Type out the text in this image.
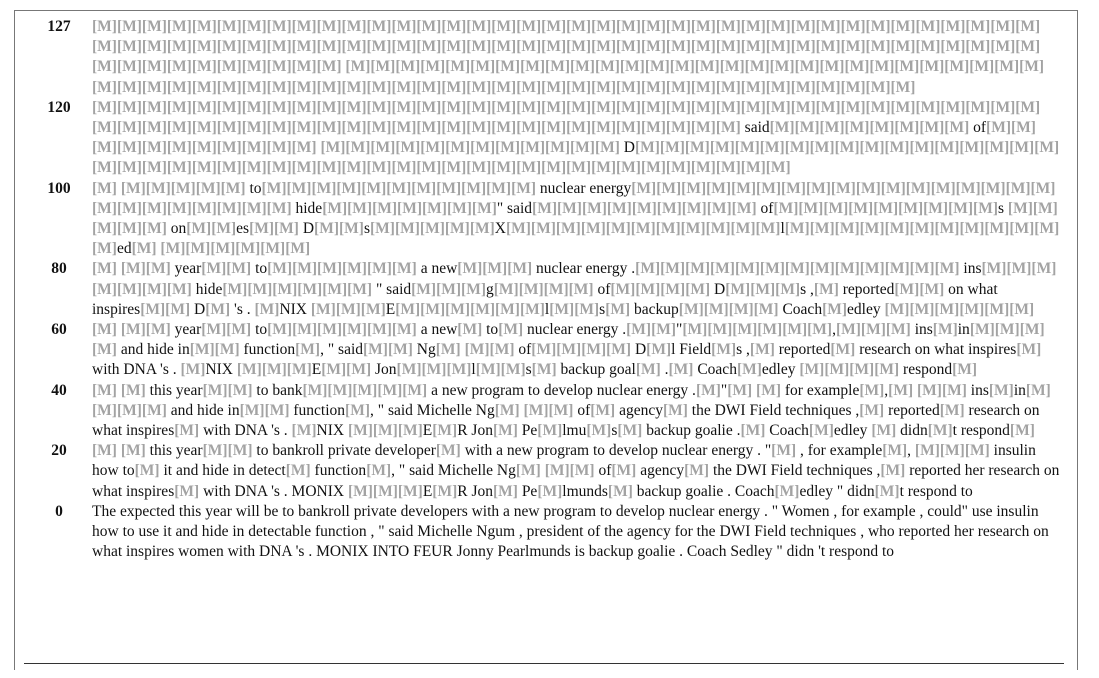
127	[M][M][M][M][M][M][M][M][M][M][M][M][M][M][M][M][M][M][M][M][M][M][M][M][M][M][M][M][M][M][M][M][M][M][M][M][M][M][M][M][M][M][M][M][M][M][M][M][M][M][M][M][M][M][M][M][M][M][M][M][M][M][M][M][M][M][M][M][M][M][M][M][M][M][M][M][M][M][M][M][M][M][M][M][M][M] [M][M][M][M][M][M][M][M][M][M][M][M][M][M][M][M][M][M][M][M][M][M][M][M][M][M][M][M][M][M][M][M][M][M][M][M][M][M][M][M][M][M][M][M][M][M][M][M][M][M][M][M][M][M][M][M][M][M][M][M][M]
120	[M][M][M][M][M][M][M][M][M][M][M][M][M][M][M][M][M][M][M][M][M][M][M][M][M][M][M][M][M][M][M][M][M][M][M][M][M][M][M][M][M][M][M][M][M][M][M][M][M][M][M][M][M][M][M][M][M][M][M][M][M][M][M][M] said[M][M][M][M][M][M][M][M] of[M][M][M][M][M][M][M][M][M][M][M] [M][M][M][M][M][M][M][M][M][M][M][M] D[M][M][M][M][M][M][M][M][M][M][M][M][M][M][M][M][M][M][M][M][M][M][M][M][M][M][M][M][M][M][M][M][M][M][M][M][M][M][M][M][M][M][M][M][M]
100	[M] [M][M][M][M][M] to[M][M][M][M][M][M][M][M][M][M][M] nuclear energy[M][M][M][M][M][M][M][M][M][M][M][M][M][M][M][M][M][M][M][M][M][M][M][M][M] hide[M][M][M][M][M][M][M]" said[M][M][M][M][M][M][M][M][M] of[M][M][M][M][M][M][M][M][M]s [M][M][M][M][M] on[M][M]es[M][M] D[M][M]s[M][M][M][M][M]X[M][M][M][M][M][M][M][M][M][M][M]l[M][M][M][M][M][M][M][M][M][M][M][M]ed[M] [M][M][M][M][M][M]
80	[M] [M][M] year[M][M] to[M][M][M][M][M][M] a new[M][M][M] nuclear energy .[M][M][M][M][M][M][M][M][M][M][M][M][M] ins[M][M][M][M][M][M][M] hide[M][M][M][M][M][M] " said[M][M][M]g[M][M][M][M] of[M][M][M][M] D[M][M][M]s ,[M] reported[M][M] on what inspires[M][M] D[M] 's . [M]NIX [M][M][M]E[M][M][M][M][M][M]l[M][M]s[M] backup[M][M][M][M] Coach[M]edley [M][M][M][M][M][M]
60	[M] [M][M] year[M][M] to[M][M][M][M][M][M] a new[M] to[M] nuclear energy .[M][M]"[M][M][M][M][M][M],[M][M][M] ins[M]in[M][M][M][M] and hide in[M][M] function[M], " said[M][M] Ng[M] [M][M] of[M][M][M][M] D[M]l Field[M]s ,[M] reported[M] research on what inspires[M] with DNA 's . [M]NIX [M][M][M]E[M][M] Jon[M][M][M]l[M][M]s[M] backup goal[M] .[M] Coach[M]edley [M][M][M][M] respond[M]
40	[M] [M] this year[M][M] to bank[M][M][M][M][M] a new program to develop nuclear energy .[M]"[M] [M] for example[M],[M] [M][M] ins[M]in[M][M][M][M] and hide in[M][M] function[M], " said Michelle Ng[M] [M][M] of[M] agency[M] the DWI Field techniques ,[M] reported[M] research on what inspires[M] with DNA 's . [M]NIX [M][M][M]E[M]R Jon[M] Pe[M]lmu[M]s[M] backup goalie .[M] Coach[M]edley [M] didn[M]t respond[M]
20	[M] [M] this year[M][M] to bankroll private developer[M] with a new program to develop nuclear energy . "[M] , for example[M], [M][M][M] insulin how to[M] it and hide in detect[M] function[M], " said Michelle Ng[M] [M][M] of[M] agency[M] the DWI Field techniques ,[M] reported her research on what inspires[M] with DNA 's . MONIX [M][M][M]E[M]R Jon[M] Pe[M]lmunds[M] backup goalie . Coach[M]edley " didn[M]t respond to
0	The expected this year will be to bankroll private developers with a new program to develop nuclear energy . " Women , for example , could" use insulin how to use it and hide in detectable function , " said Michelle Ngum , president of the agency for the DWI Field techniques , who reported her research on what inspires women with DNA 's . MONIX INTO FEUR Jonny Pearlmunds is backup goalie . Coach Sedley " didn 't respond to
